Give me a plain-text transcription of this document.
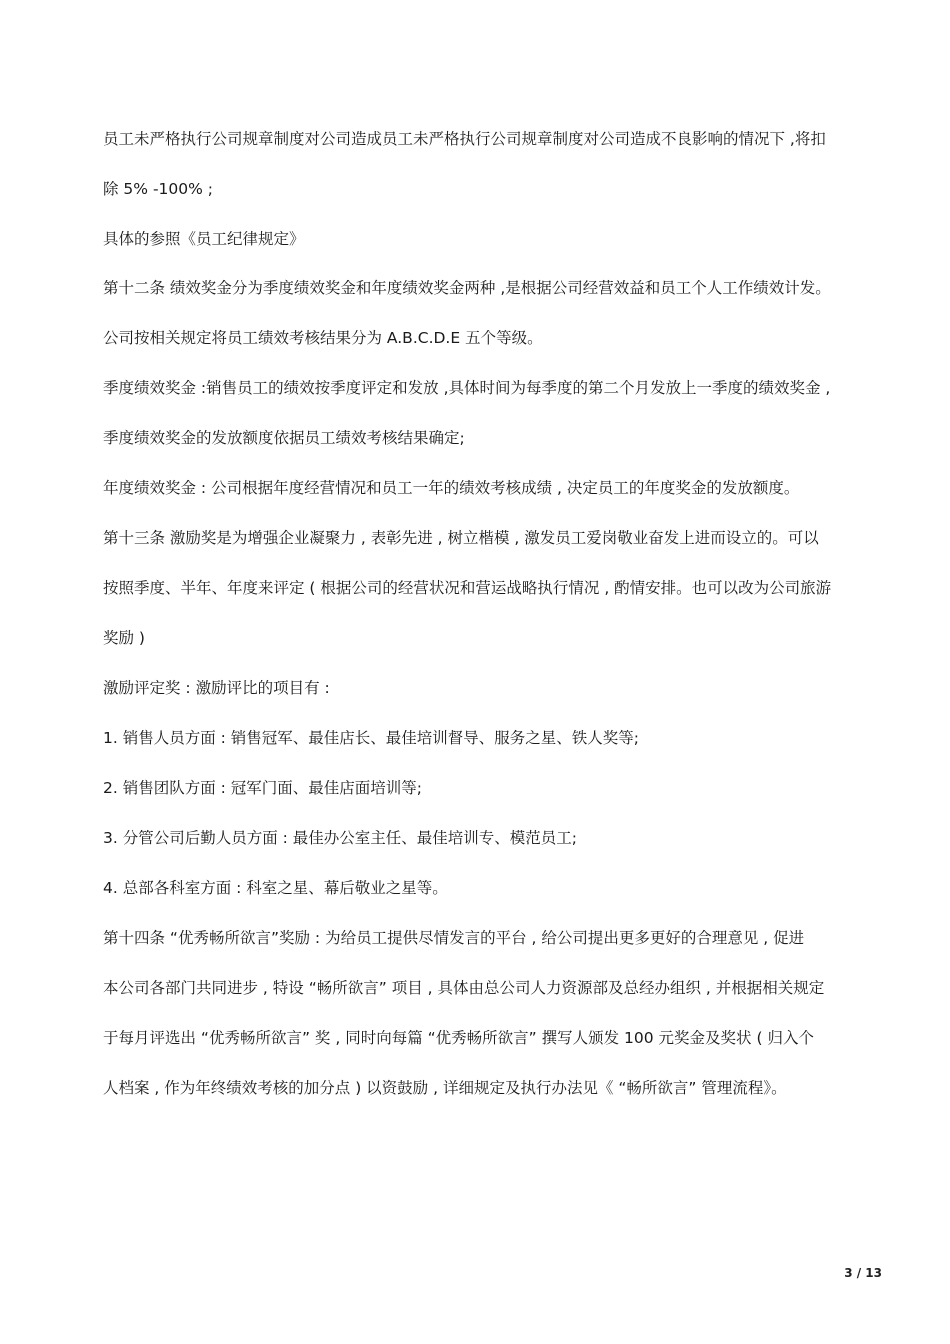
员工未严格执行公司规章制度对公司造成员工未严格执行公司规章制度对公司造成不良影响的情况下 ,将扣
除 5% -100% ;
具体的参照《员工纪律规定》
第十二条 绩效奖金分为季度绩效奖金和年度绩效奖金两种 ,是根据公司经营效益和员工个人工作绩效计发。
公司按相关规定将员工绩效考核结果分为 A.B.C.D.E 五个等级。
季度绩效奖金 :销售员工的绩效按季度评定和发放 ,具体时间为每季度的第二个月发放上一季度的绩效奖金 ,
季度绩效奖金的发放额度依据员工绩效考核结果确定;
年度绩效奖金 : 公司根据年度经营情况和员工一年的绩效考核成绩 , 决定员工的年度奖金的发放额度。
第十三条 激励奖是为增强企业凝聚力 , 表彰先进 , 树立楷模 , 激发员工爱岗敬业奋发上进而设立的。可以
按照季度、半年、年度来评定 ( 根据公司的经营状况和营运战略执行情况 , 酌情安排。也可以改为公司旅游
奖励 )
激励评定奖 : 激励评比的项目有 :
1. 销售人员方面 : 销售冠军、最佳店长、最佳培训督导、服务之星、铁人奖等;
2. 销售团队方面 : 冠军门面、最佳店面培训等;
3. 分管公司后勤人员方面 : 最佳办公室主任、最佳培训专、模范员工;
4. 总部各科室方面 : 科室之星、幕后敬业之星等。
第十四条 “优秀畅所欲言”奖励 : 为给员工提供尽情发言的平台 , 给公司提出更多更好的合理意见 , 促进
本公司各部门共同进步 , 特设 “畅所欲言” 项目 , 具体由总公司人力资源部及总经办组织 , 并根据相关规定
于每月评选出 “优秀畅所欲言” 奖 , 同时向每篇 “优秀畅所欲言” 撰写人颁发 100 元奖金及奖状 ( 归入个
人档案 , 作为年终绩效考核的加分点 ) 以资鼓励 , 详细规定及执行办法见《 “畅所欲言” 管理流程》。
3 / 13
